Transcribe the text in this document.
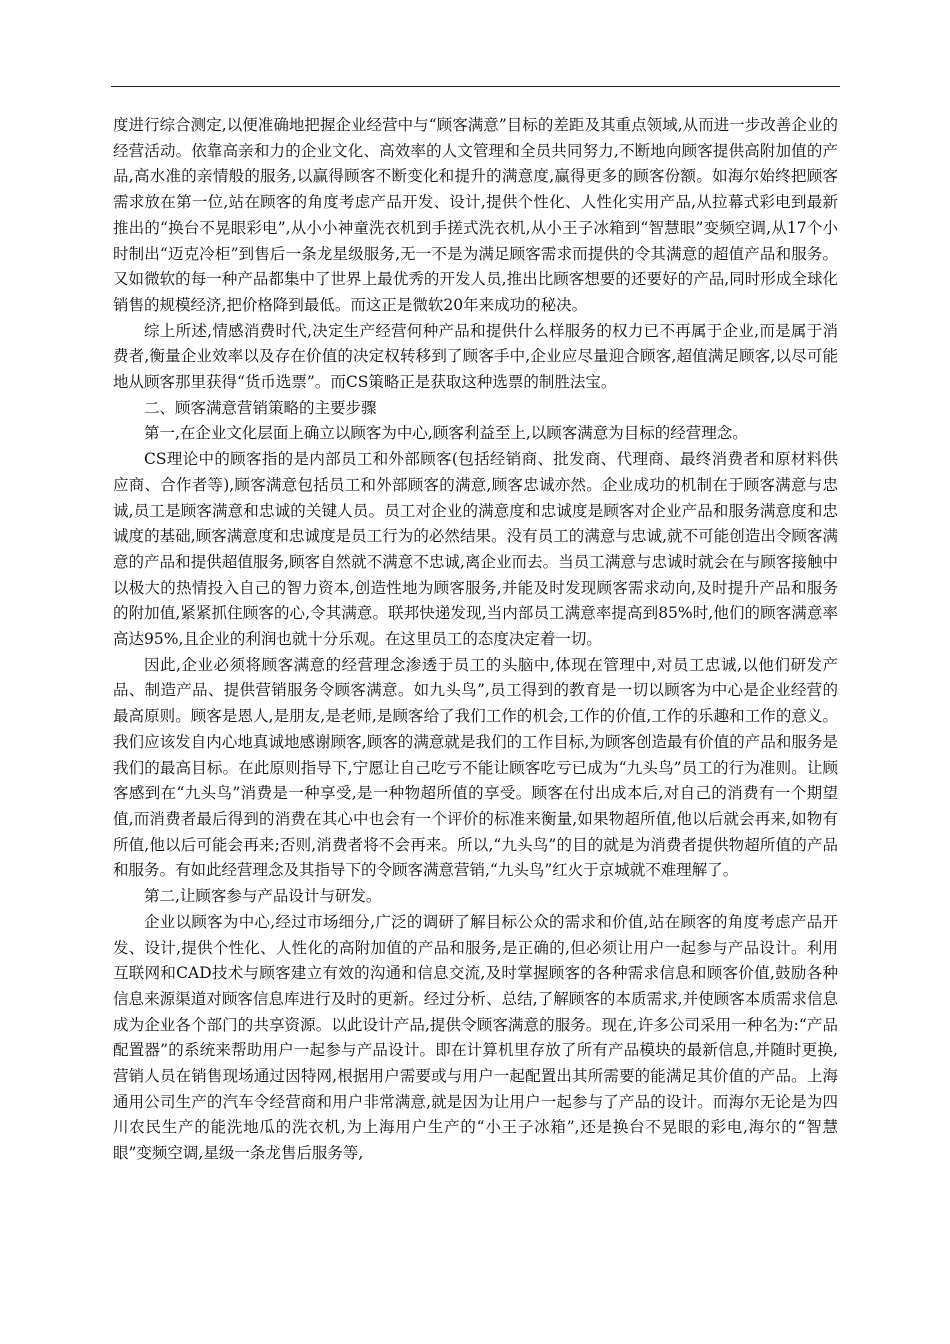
度进行综合测定,以便准确地把握企业经营中与“顾客满意”目标的差距及其重点领域,从而进一步改善企业的经营活动。依靠高亲和力的企业文化、高效率的人文管理和全员共同努力,不断地向顾客提供高附加值的产品,高水准的亲情般的服务,以赢得顾客不断变化和提升的满意度,赢得更多的顾客份额。如海尔始终把顾客需求放在第一位,站在顾客的角度考虑产品开发、设计,提供个性化、人性化实用产品,从拉幕式彩电到最新推出的“换台不晃眼彩电”,从小小神童洗衣机到手搓式洗衣机,从小王子冰箱到“智慧眼”变频空调,从17个小时制出“迈克冷柜”到售后一条龙星级服务,无一不是为满足顾客需求而提供的令其满意的超值产品和服务。又如微软的每一种产品都集中了世界上最优秀的开发人员,推出比顾客想要的还要好的产品,同时形成全球化销售的规模经济,把价格降到最低。而这正是微软20年来成功的秘决。

综上所述,情感消费时代,决定生产经营何种产品和提供什么样服务的权力已不再属于企业,而是属于消费者,衡量企业效率以及存在价值的决定权转移到了顾客手中,企业应尽量迎合顾客,超值满足顾客,以尽可能地从顾客那里获得“货币选票”。而CS策略正是获取这种选票的制胜法宝。

二、顾客满意营销策略的主要步骤

第一,在企业文化层面上确立以顾客为中心,顾客利益至上,以顾客满意为目标的经营理念。

CS理论中的顾客指的是内部员工和外部顾客(包括经销商、批发商、代理商、最终消费者和原材料供应商、合作者等),顾客满意包括员工和外部顾客的满意,顾客忠诚亦然。企业成功的机制在于顾客满意与忠诚,员工是顾客满意和忠诚的关键人员。员工对企业的满意度和忠诚度是顾客对企业产品和服务满意度和忠诚度的基础,顾客满意度和忠诚度是员工行为的必然结果。没有员工的满意与忠诚,就不可能创造出令顾客满意的产品和提供超值服务,顾客自然就不满意不忠诚,离企业而去。当员工满意与忠诚时就会在与顾客接触中以极大的热情投入自己的智力资本,创造性地为顾客服务,并能及时发现顾客需求动向,及时提升产品和服务的附加值,紧紧抓住顾客的心,令其满意。联邦快递发现,当内部员工满意率提高到85%时,他们的顾客满意率高达95%,且企业的利润也就十分乐观。在这里员工的态度决定着一切。

因此,企业必须将顾客满意的经营理念渗透于员工的头脑中,体现在管理中,对员工忠诚,以他们研发产品、制造产品、提供营销服务令顾客满意。如九头鸟”,员工得到的教育是一切以顾客为中心是企业经营的最高原则。顾客是恩人,是朋友,是老师,是顾客给了我们工作的机会,工作的价值,工作的乐趣和工作的意义。我们应该发自内心地真诚地感谢顾客,顾客的满意就是我们的工作目标,为顾客创造最有价值的产品和服务是我们的最高目标。在此原则指导下,宁愿让自己吃亏不能让顾客吃亏已成为“九头鸟”员工的行为准则。让顾客感到在“九头鸟”消费是一种享受,是一种物超所值的享受。顾客在付出成本后,对自己的消费有一个期望值,而消费者最后得到的消费在其心中也会有一个评价的标准来衡量,如果物超所值,他以后就会再来,如物有所值,他以后可能会再来;否则,消费者将不会再来。所以,“九头鸟”的目的就是为消费者提供物超所值的产品和服务。有如此经营理念及其指导下的令顾客满意营销,“九头鸟”红火于京城就不难理解了。

第二,让顾客参与产品设计与研发。

企业以顾客为中心,经过市场细分,广泛的调研了解目标公众的需求和价值,站在顾客的角度考虑产品开发、设计,提供个性化、人性化的高附加值的产品和服务,是正确的,但必须让用户一起参与产品设计。利用互联网和CAD技术与顾客建立有效的沟通和信息交流,及时掌握顾客的各种需求信息和顾客价值,鼓励各种信息来源渠道对顾客信息库进行及时的更新。经过分析、总结,了解顾客的本质需求,并使顾客本质需求信息成为企业各个部门的共享资源。以此设计产品,提供令顾客满意的服务。现在,许多公司采用一种名为:“产品配置器”的系统来帮助用户一起参与产品设计。即在计算机里存放了所有产品模块的最新信息,并随时更换,营销人员在销售现场通过因特网,根据用户需要或与用户一起配置出其所需要的能满足其价值的产品。上海通用公司生产的汽车令经营商和用户非常满意,就是因为让用户一起参与了产品的设计。而海尔无论是为四川农民生产的能洗地瓜的洗衣机,为上海用户生产的“小王子冰箱”,还是换台不晃眼的彩电,海尔的“智慧眼”变频空调,星级一条龙售后服务等,
